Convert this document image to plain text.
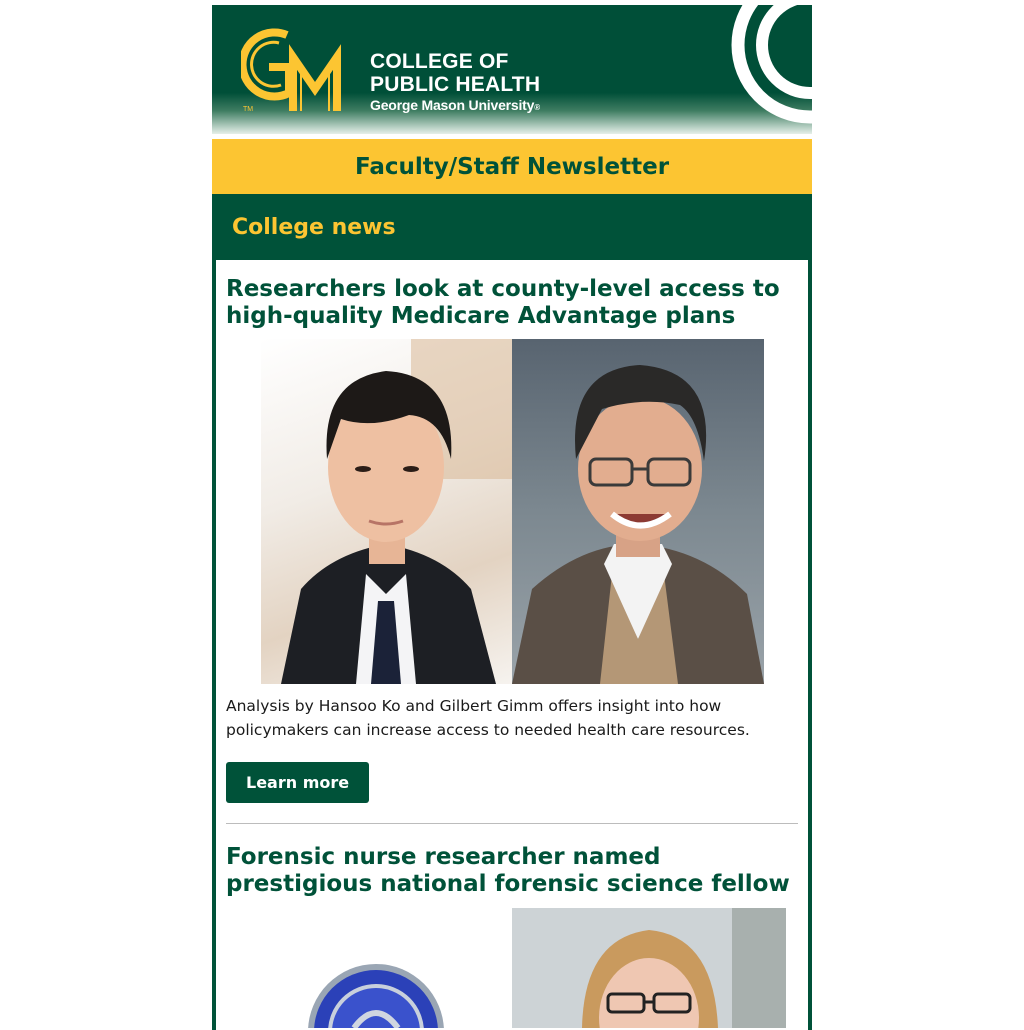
TM
COLLEGE OF
PUBLIC HEALTH
George Mason University®
Faculty/Staff Newsletter
College news
Researchers look at county-level access to high-quality Medicare Advantage plans

Analysis by Hansoo Ko and Gilbert Gimm offers insight into how policymakers can increase access to needed health care resources.

Learn more
Forensic nurse researcher named prestigious national forensic science fellow
